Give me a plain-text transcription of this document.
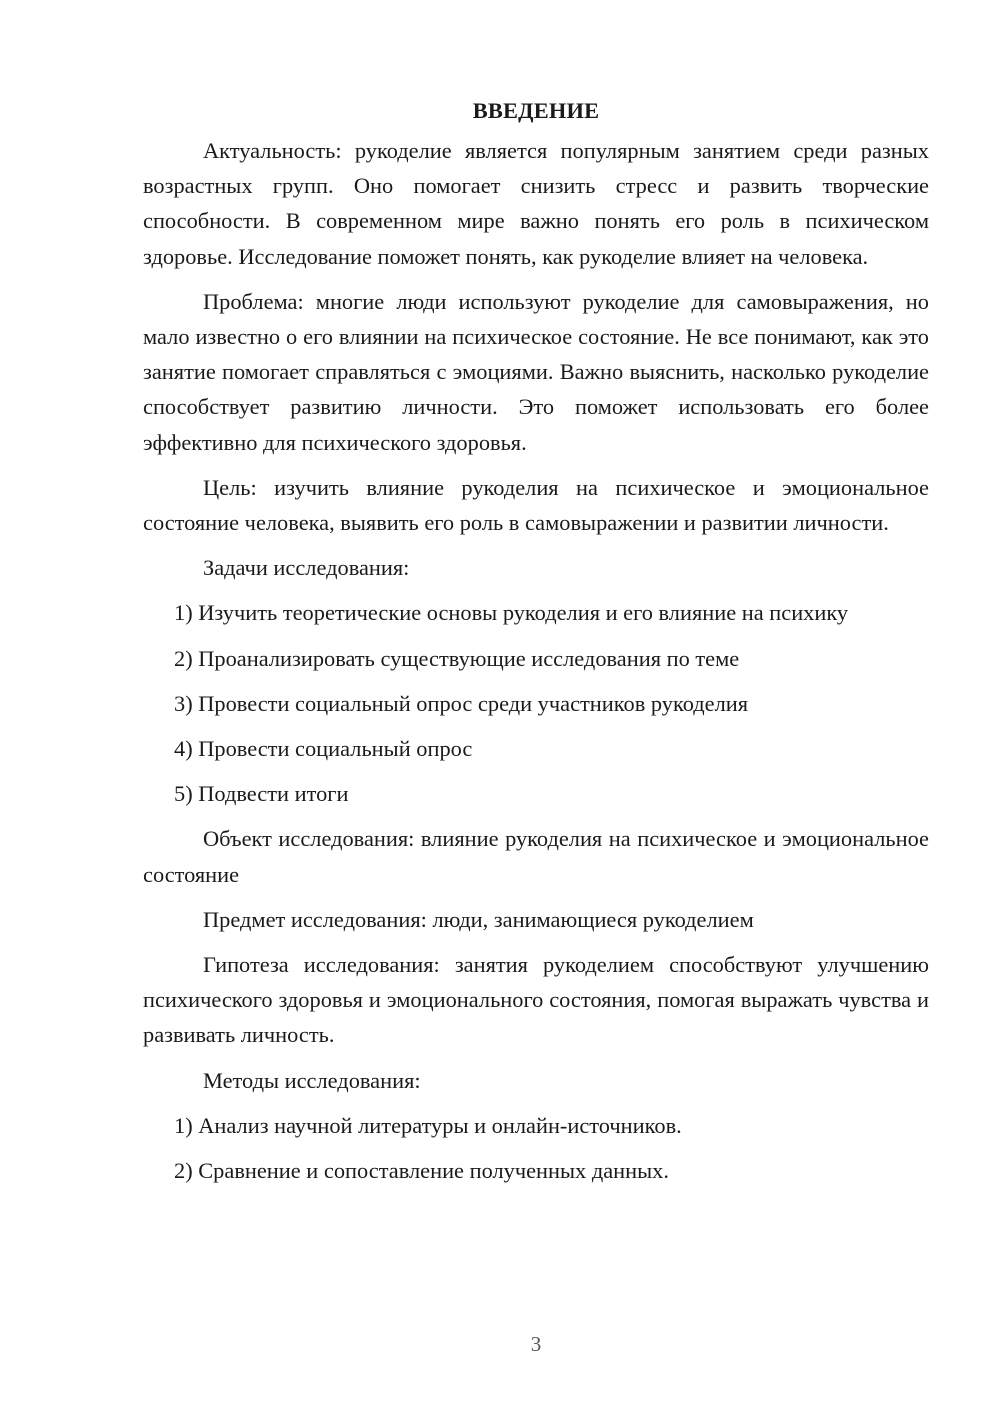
ВВЕДЕНИЕ

Актуальность: рукоделие является популярным занятием среди разных возрастных групп. Оно помогает снизить стресс и развить творческие способности. В современном мире важно понять его роль в психическом здоровье. Исследование поможет понять, как рукоделие влияет на человека.

Проблема: многие люди используют рукоделие для самовыражения, но мало известно о его влиянии на психическое состояние. Не все понимают, как это занятие помогает справляться с эмоциями. Важно выяснить, насколько рукоделие способствует развитию личности. Это поможет использовать его более эффективно для психического здоровья.

Цель: изучить влияние рукоделия на психическое и эмоциональное состояние человека, выявить его роль в самовыражении и развитии личности.

Задачи исследования:

1) Изучить теоретические основы рукоделия и его влияние на психику

2) Проанализировать существующие исследования по теме

3) Провести социальный опрос среди участников рукоделия

4) Провести социальный опрос

5) Подвести итоги

Объект исследования: влияние рукоделия на психическое и эмоциональное состояние

Предмет исследования: люди, занимающиеся рукоделием

Гипотеза исследования: занятия рукоделием способствуют улучшению психического здоровья и эмоционального состояния, помогая выражать чувства и развивать личность.

Методы исследования:

1) Анализ научной литературы и онлайн-источников.

2) Сравнение и сопоставление полученных данных.

3
